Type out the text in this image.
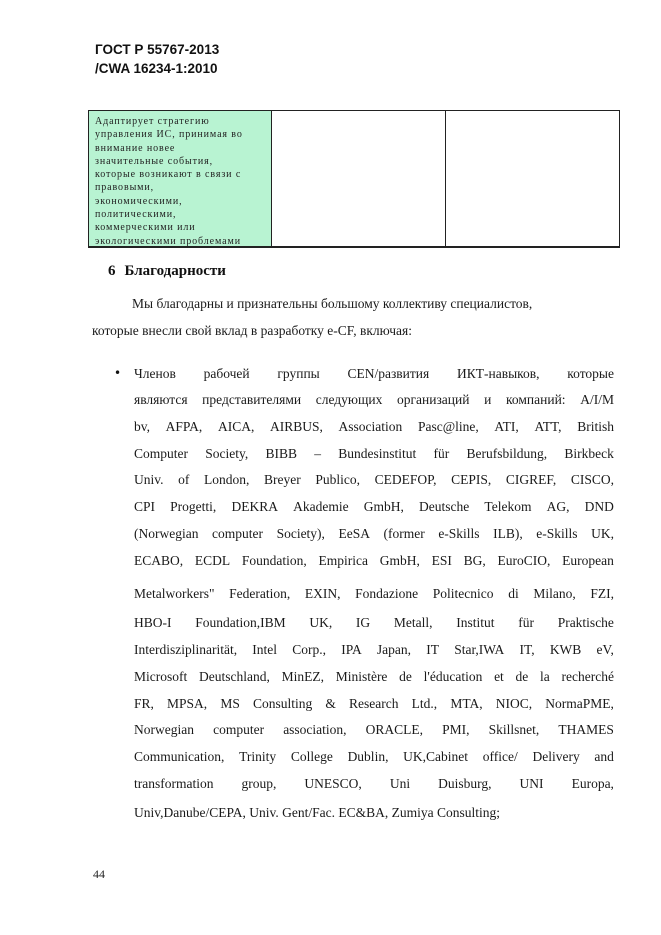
ГОСТ Р 55767-2013
/CWA 16234-1:2010
Адаптирует стратегию
управления ИС, принимая во
внимание новее
значительные события,
которые возникают в связи с
правовыми,
экономическими,
политическими,
коммерческими или
экологическими проблемами
6 Благодарности
Мы благодарны и признательны большому коллективу специалистов,
которые внесли свой вклад в разработку e-CF, включая:
• Членов рабочей группы CEN/развития ИКТ-навыков, которые
являются представителями следующих организаций и компаний: A/I/M
bv, AFPA, AICA, AIRBUS, Association Pasc@line, ATI, ATT, British
Computer Society, BIBB – Bundesinstitut für Berufsbildung, Birkbeck
Univ. of London, Breyer Publico, CEDEFOP, CEPIS, CIGREF, CISCO,
CPI Progetti, DEKRA Akademie GmbH, Deutsche Telekom AG, DND
(Norwegian computer Society), EeSA (former e-Skills ILB), e-Skills UK,
ECABO, ECDL Foundation, Empirica GmbH, ESI BG, EuroCIO, European
Metalworkers" Federation, EXIN, Fondazione Politecnico di Milano, FZI,
HBO-I Foundation,IBM UK, IG Metall, Institut für Praktische
Interdisziplinarität, Intel Corp., IPA Japan, IT Star,IWA IT, KWB eV,
Microsoft Deutschland, MinEZ, Ministère de l'éducation et de la recherché
FR, MPSA, MS Consulting & Research Ltd., MTA, NIOC, NormaPME,
Norwegian computer association, ORACLE, PMI, Skillsnet, THAMES
Communication, Trinity College Dublin, UK,Cabinet office/ Delivery and
transformation group, UNESCO, Uni Duisburg, UNI Europa,
Univ,Danube/CEPA, Univ. Gent/Fac. EC&BA, Zumiya Consulting;
44
